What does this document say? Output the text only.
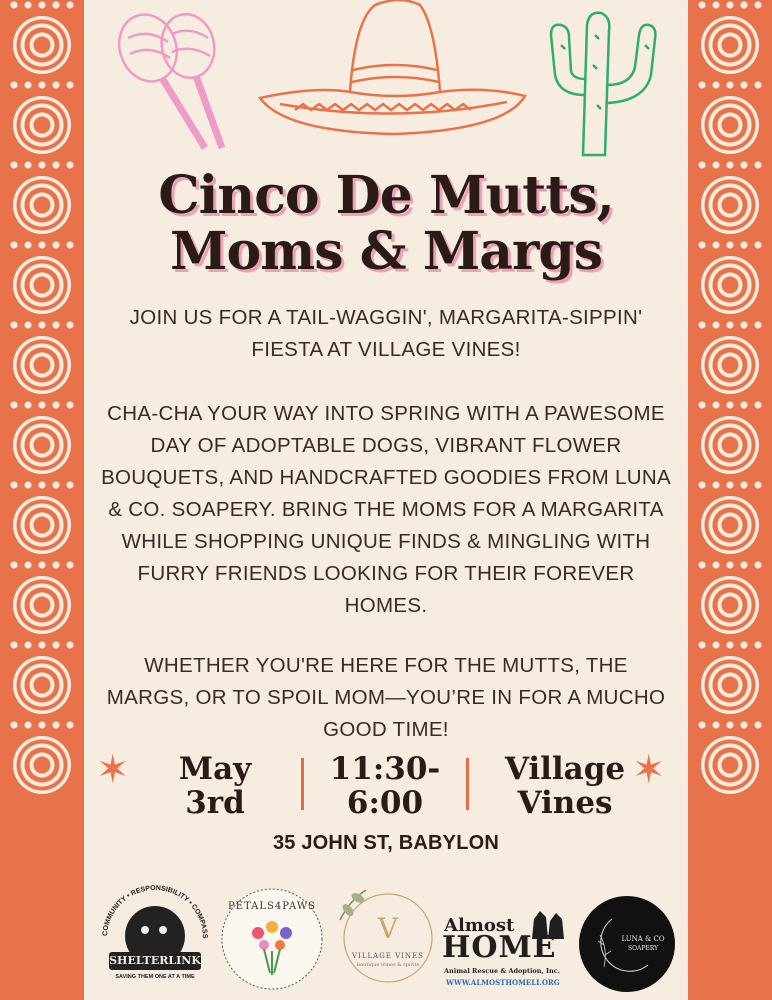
Cinco De Mutts,
Moms & Margs
JOIN US FOR A TAIL-WAGGIN', MARGARITA-SIPPIN' FIESTA AT VILLAGE VINES!
CHA-CHA YOUR WAY INTO SPRING WITH A PAWESOME DAY OF ADOPTABLE DOGS, VIBRANT FLOWER BOUQUETS, AND HANDCRAFTED GOODIES FROM LUNA & CO. SOAPERY. BRING THE MOMS FOR A MARGARITA WHILE SHOPPING UNIQUE FINDS & MINGLING WITH FURRY FRIENDS LOOKING FOR THEIR FOREVER HOMES.
WHETHER YOU'RE HERE FOR THE MUTTS, THE MARGS, OR TO SPOIL MOM—YOU’RE IN FOR A MUCHO GOOD TIME!
✶	✶
May
3rd
11:30-
6:00
Village
Vines
35 JOHN ST, BABYLON
COMMUNITY • RESPONSIBILITY • COMPASS
SHELTERLINK
SAVING THEM ONE AT A TIME
PETALS4PAWS
V
VILLAGE VINES
boutique wines & spirits
Almost
HOME
Animal Rescue & Adoption, Inc.
WWW.ALMOSTHOMELI.ORG
LUNA & CO
SOAPERY
